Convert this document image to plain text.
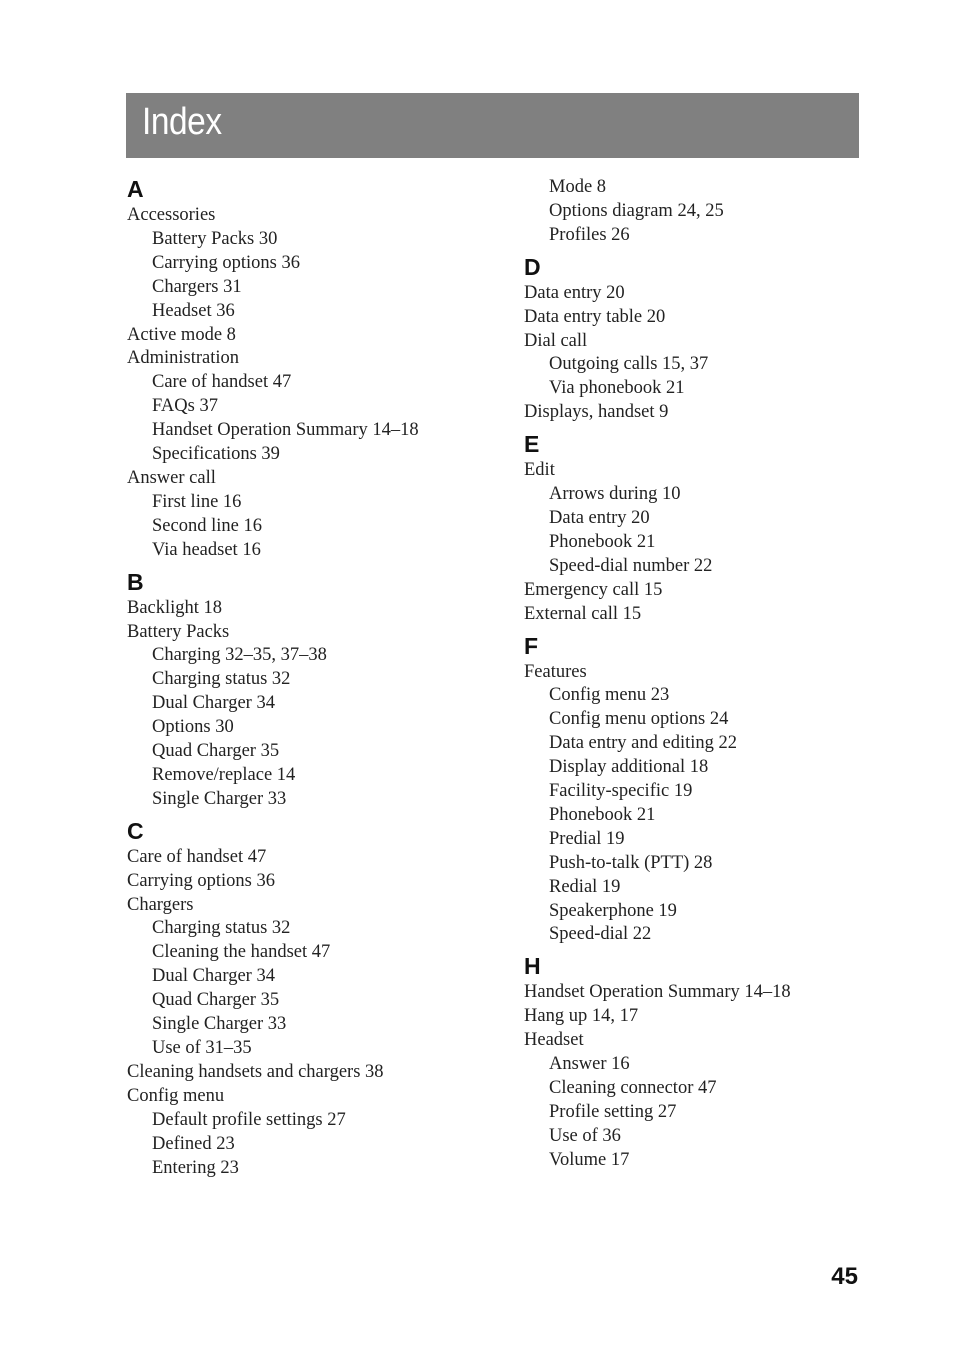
Index
A
Accessories
Battery Packs 30
Carrying options 36
Chargers 31
Headset 36
Active mode 8
Administration
Care of handset 47
FAQs 37
Handset Operation Summary 14–18
Specifications 39
Answer call
First line 16
Second line 16
Via headset 16
B
Backlight 18
Battery Packs
Charging 32–35, 37–38
Charging status 32
Dual Charger 34
Options 30
Quad Charger 35
Remove/replace 14
Single Charger 33
C
Care of handset 47
Carrying options 36
Chargers
Charging status 32
Cleaning the handset 47
Dual Charger 34
Quad Charger 35
Single Charger 33
Use of 31–35
Cleaning handsets and chargers 38
Config menu
Default profile settings 27
Defined 23
Entering 23
Mode 8
Options diagram 24, 25
Profiles 26
D
Data entry 20
Data entry table 20
Dial call
Outgoing calls 15, 37
Via phonebook 21
Displays, handset 9
E
Edit
Arrows during 10
Data entry 20
Phonebook 21
Speed-dial number 22
Emergency call 15
External call 15
F
Features
Config menu 23
Config menu options 24
Data entry and editing 22
Display additional 18
Facility-specific 19
Phonebook 21
Predial 19
Push-to-talk (PTT) 28
Redial 19
Speakerphone 19
Speed-dial 22
H
Handset Operation Summary 14–18
Hang up 14, 17
Headset
Answer 16
Cleaning connector 47
Profile setting 27
Use of 36
Volume 17
45
